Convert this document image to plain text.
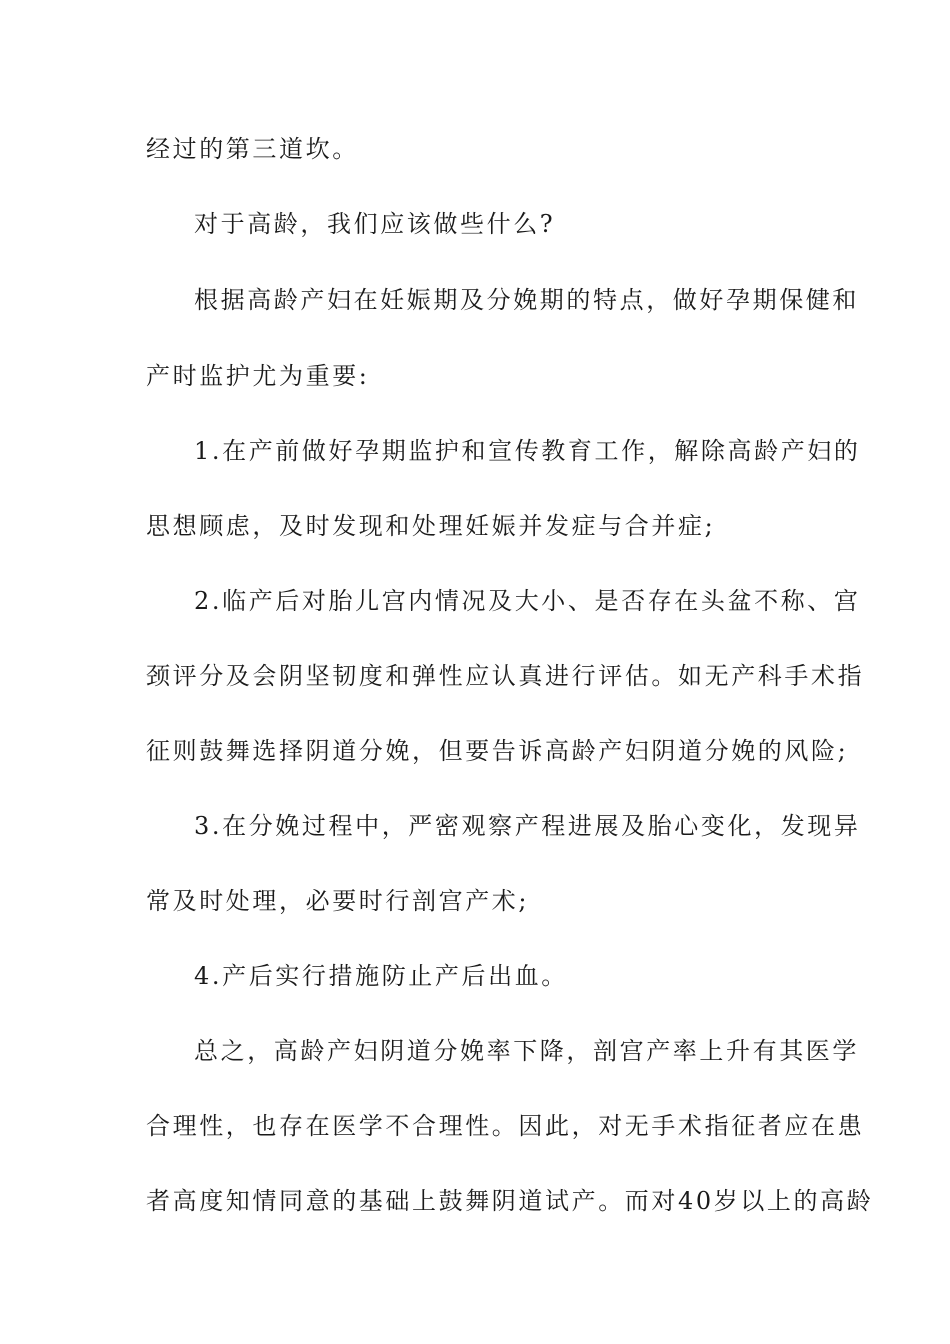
经过的第三道坎。
对于高龄，我们应该做些什么?
根据高龄产妇在妊娠期及分娩期的特点，做好孕期保健和
产时监护尤为重要:
1.在产前做好孕期监护和宣传教育工作，解除高龄产妇的
思想顾虑，及时发现和处理妊娠并发症与合并症;
2.临产后对胎儿宫内情况及大小、是否存在头盆不称、宫
颈评分及会阴坚韧度和弹性应认真进行评估。如无产科手术指
征则鼓舞选择阴道分娩，但要告诉高龄产妇阴道分娩的风险;
3.在分娩过程中，严密观察产程进展及胎心变化，发现异
常及时处理，必要时行剖宫产术;
4.产后实行措施防止产后出血。
总之，高龄产妇阴道分娩率下降，剖宫产率上升有其医学
合理性，也存在医学不合理性。因此，对无手术指征者应在患
者高度知情同意的基础上鼓舞阴道试产。而对40岁以上的高龄
